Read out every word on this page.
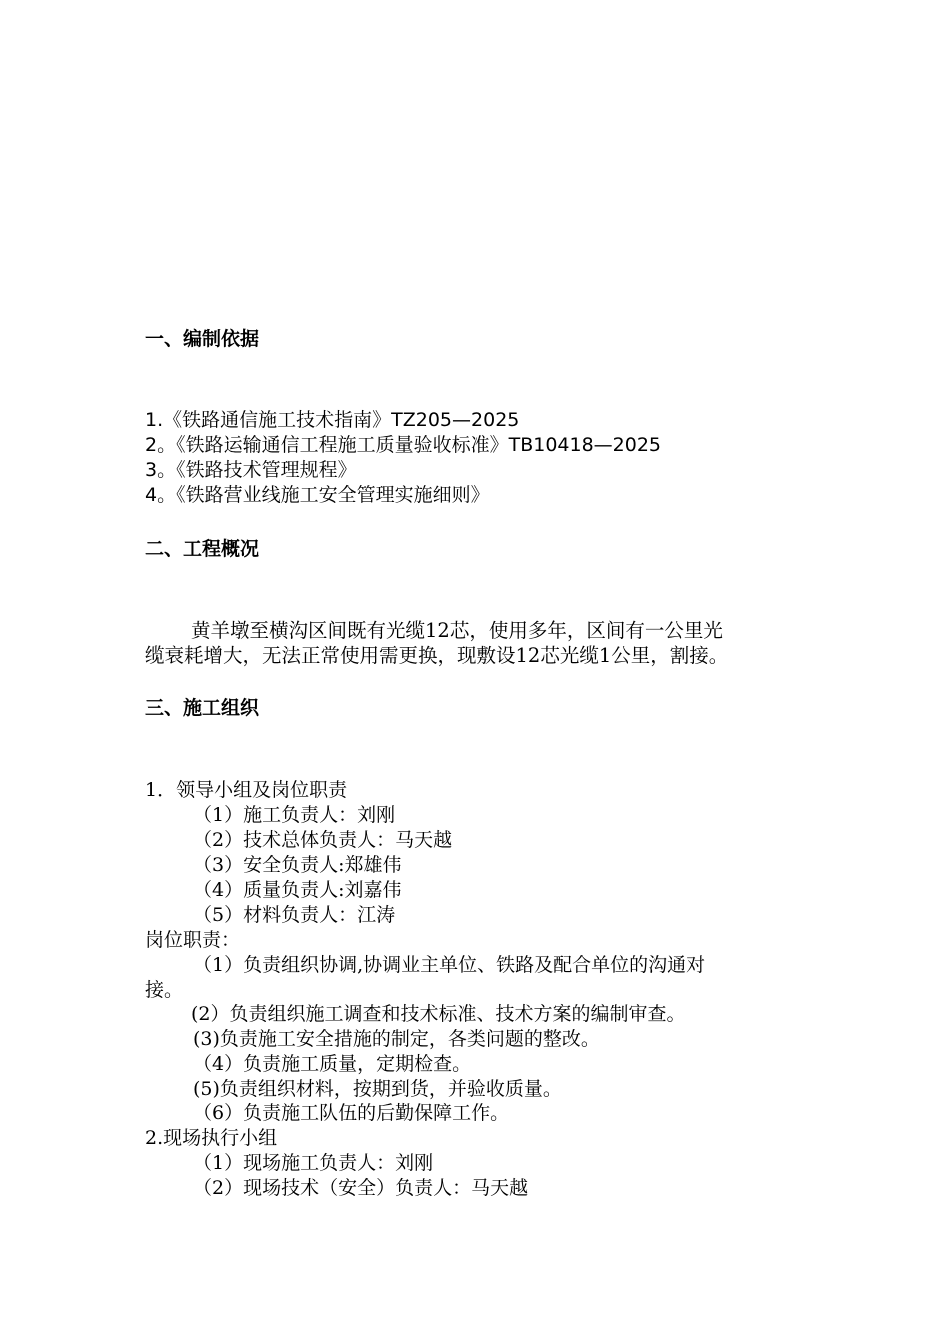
一、编制依据
1.《铁路通信施工技术指南》TZ205—2025
2。《铁路运输通信工程施工质量验收标准》TB10418—2025
3。《铁路技术管理规程》
4。《铁路营业线施工安全管理实施细则》
二、工程概况
黄羊墩至横沟区间既有光缆12芯，使用多年，区间有一公里光
缆衰耗增大，无法正常使用需更换，现敷设12芯光缆1公里，割接。
三、施工组织
1．领导小组及岗位职责
（1）施工负责人：刘刚
（2）技术总体负责人：马天越
（3）安全负责人:郑雄伟
（4）质量负责人:刘嘉伟
（5）材料负责人：江涛
岗位职责：
（1）负责组织协调,协调业主单位、铁路及配合单位的沟通对
接。
(2）负责组织施工调查和技术标准、技术方案的编制审查。
(3)负责施工安全措施的制定，各类问题的整改。
（4）负责施工质量，定期检查。
(5)负责组织材料，按期到货，并验收质量。
（6）负责施工队伍的后勤保障工作。
2.现场执行小组
（1）现场施工负责人：刘刚
（2）现场技术（安全）负责人：马天越
